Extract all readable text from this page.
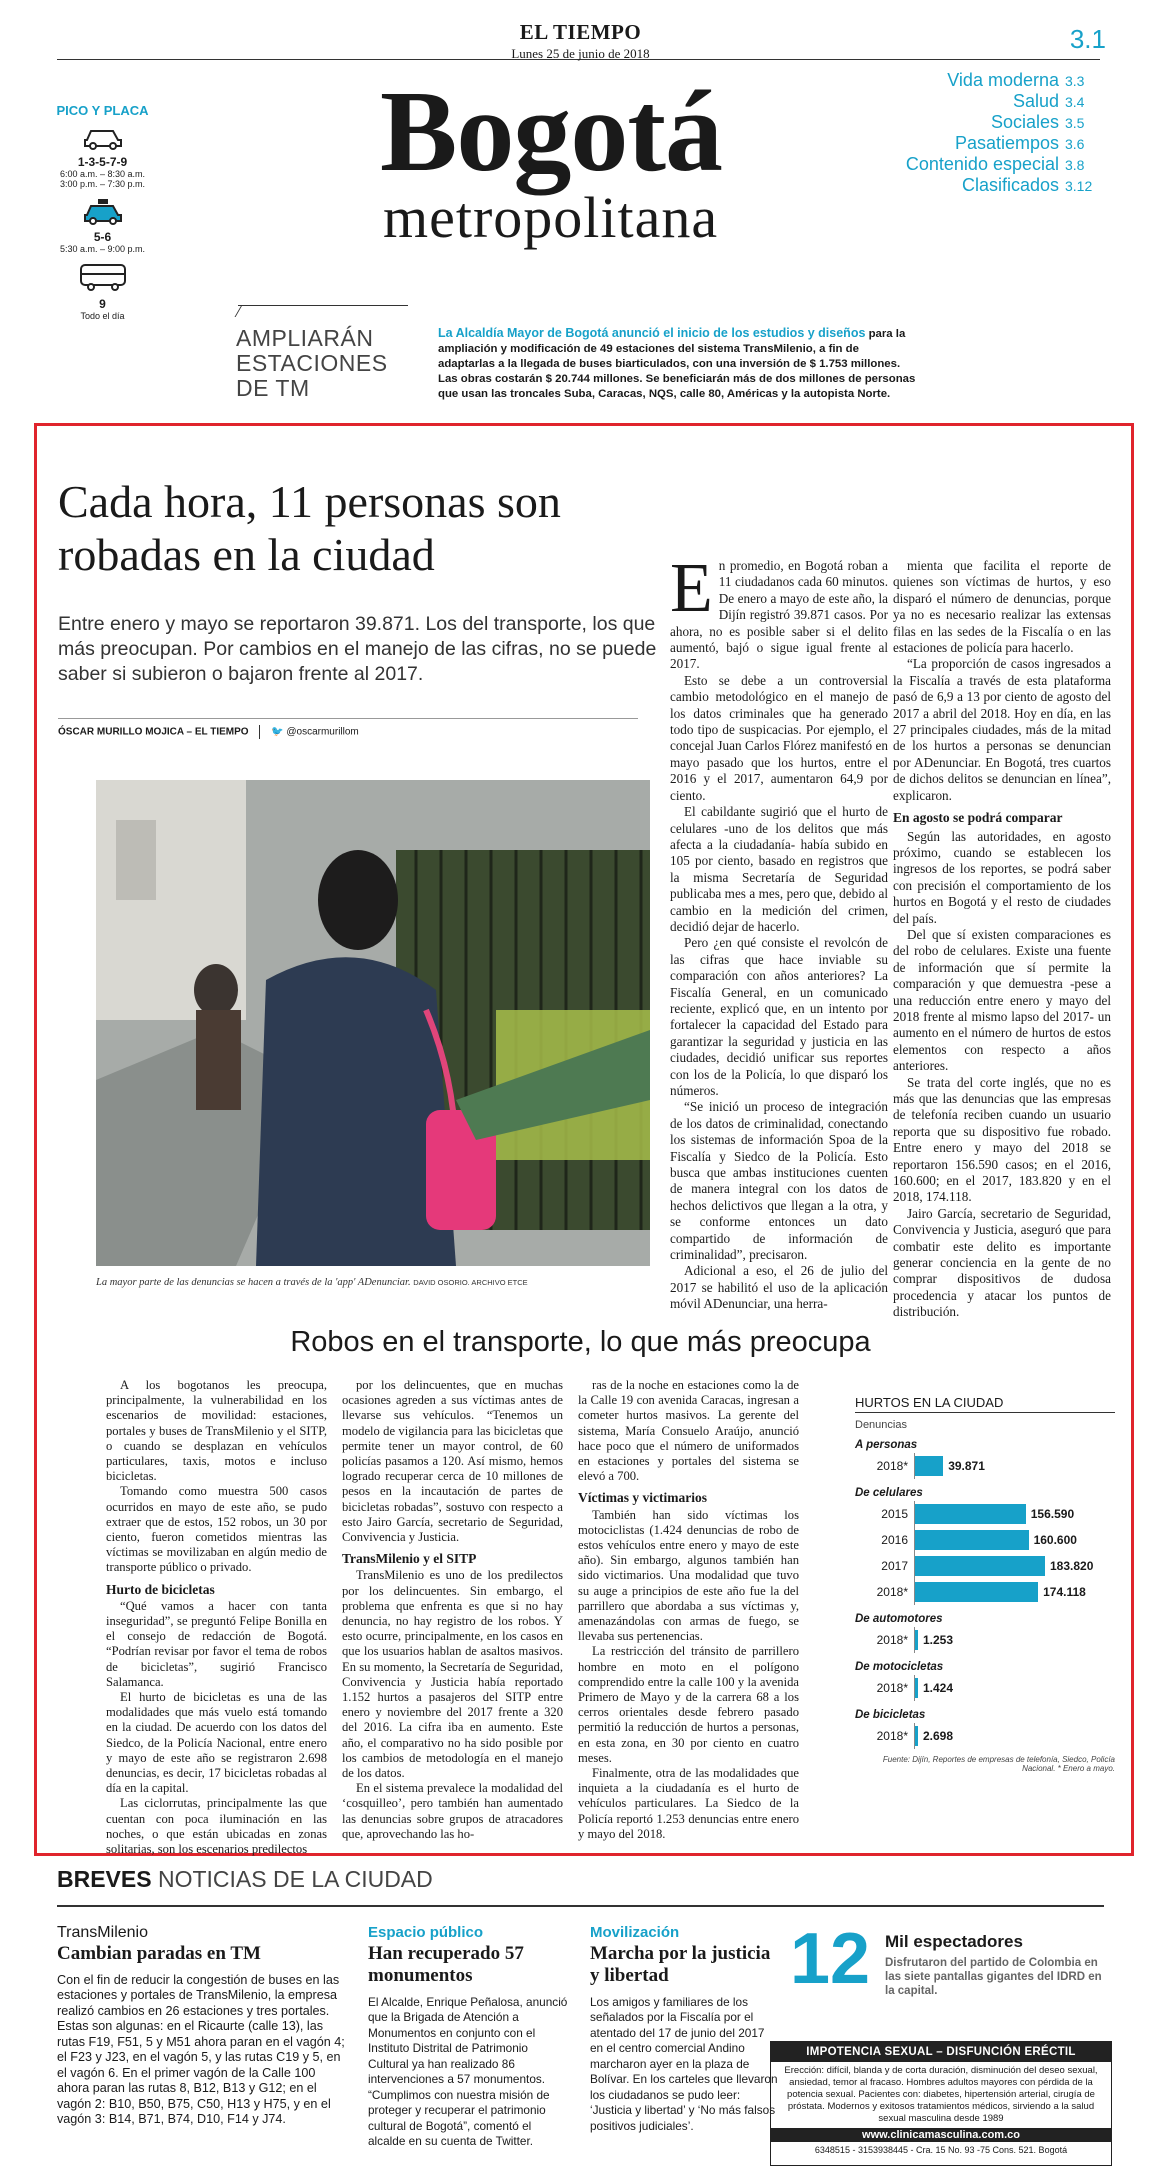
EL TIEMPO
Lunes 25 de junio de 2018	3.1
Bogotá
metropolitana
Vida moderna 3.3
Salud 3.4
Sociales 3.5
Pasatiempos 3.6
Contenido especial 3.8
Clasificados 3.12
PICO Y PLACA
1-3-5-7-9
6:00 a.m. – 8:30 a.m.
3:00 p.m. – 7:30 p.m.
5-6
5:30 a.m. – 9:00 p.m.
9
Todo el día
AMPLIARÁN ESTACIONES DE TM
La Alcaldía Mayor de Bogotá anunció el inicio de los estudios y diseños para la ampliación y modificación de 49 estaciones del sistema TransMilenio, a fin de adaptarlas a la llegada de buses biarticulados, con una inversión de $ 1.753 millones. Las obras costarán $ 20.744 millones. Se beneficiarán más de dos millones de personas que usan las troncales Suba, Caracas, NQS, calle 80, Américas y la autopista Norte.
Cada hora, 11 personas son robadas en la ciudad
Entre enero y mayo se reportaron 39.871. Los del transporte, los que más preocupan. Por cambios en el manejo de las cifras, no se puede saber si subieron o bajaron frente al 2017.
ÓSCAR MURILLO MOJICA – EL TIEMPO 🐦 @oscarmurillom
La mayor parte de las denuncias se hacen a través de la 'app' ADenunciar. DAVID OSORIO. ARCHIVO ETCE
E n promedio, en Bogotá roban a 11 ciudadanos cada 60 minutos. De enero a mayo de este año, la Dijín registró 39.871 casos. Por ahora, no es posible saber si el delito aumentó, bajó o sigue igual frente al 2017.

Esto se debe a un controversial cambio metodológico en el manejo de los datos criminales que ha generado todo tipo de suspicacias. Por ejemplo, el concejal Juan Carlos Flórez manifestó en mayo pasado que los hurtos, entre el 2016 y el 2017, aumentaron 64,9 por ciento.

El cabildante sugirió que el hurto de celulares -uno de los delitos que más afecta a la ciudadanía- había subido en 105 por ciento, basado en registros que la misma Secretaría de Seguridad publicaba mes a mes, pero que, debido al cambio en la medición del crimen, decidió dejar de hacerlo.

Pero ¿en qué consiste el revolcón de las cifras que hace inviable su comparación con años anteriores? La Fiscalía General, en un comunicado reciente, explicó que, en un intento por fortalecer la capacidad del Estado para garantizar la seguridad y justicia en las ciudades, decidió unificar sus reportes con los de la Policía, lo que disparó los números.

“Se inició un proceso de integración de los datos de criminalidad, conectando los sistemas de información Spoa de la Fiscalía y Siedco de la Policía. Esto busca que ambas instituciones cuenten de manera integral con los datos de hechos delictivos que llegan a la otra, y se conforme entonces un dato compartido de información de criminalidad”, precisaron.

Adicional a eso, el 26 de julio del 2017 se habilitó el uso de la aplicación móvil ADenunciar, una herra-

mienta que facilita el reporte de quienes son víctimas de hurtos, y eso disparó el número de denuncias, porque ya no es necesario realizar las extensas filas en las sedes de la Fiscalía o en las estaciones de policía para hacerlo.

“La proporción de casos ingresados a la Fiscalía a través de esta plataforma pasó de 6,9 a 13 por ciento de agosto del 2017 a abril del 2018. Hoy en día, en las 27 principales ciudades, más de la mitad de los hurtos a personas se denuncian por ADenunciar. En Bogotá, tres cuartos de dichos delitos se denuncian en línea”, explicaron.

En agosto se podrá comparar

Según las autoridades, en agosto próximo, cuando se establecen los ingresos de los reportes, se podrá saber con precisión el comportamiento de los hurtos en Bogotá y el resto de ciudades del país.

Del que sí existen comparaciones es del robo de celulares. Existe una fuente de información que sí permite la comparación y que demuestra -pese a una reducción entre enero y mayo del 2018 frente al mismo lapso del 2017- un aumento en el número de hurtos de estos elementos con respecto a años anteriores.

Se trata del corte inglés, que no es más que las denuncias que las empresas de telefonía reciben cuando un usuario reporta que su dispositivo fue robado. Entre enero y mayo del 2018 se reportaron 156.590 casos; en el 2016, 160.600; en el 2017, 183.820 y en el 2018, 174.118.

Jairo García, secretario de Seguridad, Convivencia y Justicia, aseguró que para combatir este delito es importante generar conciencia en la gente de no comprar dispositivos de dudosa procedencia y atacar los puntos de distribución.

Robos en el transporte, lo que más preocupa

A los bogotanos les preocupa, principalmente, la vulnerabilidad en los escenarios de movilidad: estaciones, portales y buses de TransMilenio y el SITP, o cuando se desplazan en vehículos particulares, taxis, motos e incluso bicicletas.

Tomando como muestra 500 casos ocurridos en mayo de este año, se pudo extraer que de estos, 152 robos, un 30 por ciento, fueron cometidos mientras las víctimas se movilizaban en algún medio de transporte público o privado.

Hurto de bicicletas

“Qué vamos a hacer con tanta inseguridad”, se preguntó Felipe Bonilla en el consejo de redacción de Bogotá. “Podrían revisar por favor el tema de robos de bicicletas”, sugirió Francisco Salamanca.

El hurto de bicicletas es una de las modalidades que más vuelo está tomando en la ciudad. De acuerdo con los datos del Siedco, de la Policía Nacional, entre enero y mayo de este año se registraron 2.698 denuncias, es decir, 17 bicicletas robadas al día en la capital.

Las ciclorrutas, principalmente las que cuentan con poca iluminación en las noches, o que están ubicadas en zonas solitarias, son los escenarios predilectos

por los delincuentes, que en muchas ocasiones agreden a sus víctimas antes de llevarse sus vehículos. “Tenemos un modelo de vigilancia para las bicicletas que permite tener un mayor control, de 60 policías pasamos a 120. Así mismo, hemos logrado recuperar cerca de 10 millones de pesos en la incautación de partes de bicicletas robadas”, sostuvo con respecto a esto Jairo García, secretario de Seguridad, Convivencia y Justicia.

TransMilenio y el SITP

TransMilenio es uno de los predilectos por los delincuentes. Sin embargo, el problema que enfrenta es que si no hay denuncia, no hay registro de los robos. Y esto ocurre, principalmente, en los casos en que los usuarios hablan de asaltos masivos. En su momento, la Secretaría de Seguridad, Convivencia y Justicia había reportado 1.152 hurtos a pasajeros del SITP entre enero y noviembre del 2017 frente a 320 del 2016. La cifra iba en aumento. Este año, el comparativo no ha sido posible por los cambios de metodología en el manejo de los datos.

En el sistema prevalece la modalidad del ‘cosquilleo’, pero también han aumentado las denuncias sobre grupos de atracadores que, aprovechando las ho-

ras de la noche en estaciones como la de la Calle 19 con avenida Caracas, ingresan a cometer hurtos masivos. La gerente del sistema, María Consuelo Araújo, anunció hace poco que el número de uniformados en estaciones y portales del sistema se elevó a 700.

Víctimas y victimarios

También han sido víctimas los motociclistas (1.424 denuncias de robo de estos vehículos entre enero y mayo de este año). Sin embargo, algunos también han sido victimarios. Una modalidad que tuvo su auge a principios de este año fue la del parrillero que abordaba a sus víctimas y, amenazándolas con armas de fuego, se llevaba sus pertenencias.

La restricción del tránsito de parrillero hombre en moto en el polígono comprendido entre la calle 100 y la avenida Primero de Mayo y de la carrera 68 a los cerros orientales desde febrero pasado permitió la reducción de hurtos a personas, en esta zona, en 30 por ciento en cuatro meses.

Finalmente, otra de las modalidades que inquieta a la ciudadanía es el hurto de vehículos particulares. La Siedco de la Policía reportó 1.253 denuncias entre enero y mayo del 2018.

HURTOS EN LA CIUDAD
Denuncias
A personas
2018*	39.871
De celulares
2015	156.590
2016	160.600
2017	183.820
2018*	174.118
De automotores
2018*	1.253
De motocicletas
2018*	1.424
De bicicletas
2018*	2.698
Fuente: Dijín, Reportes de empresas de telefonía, Siedco, Policía Nacional. * Enero a mayo.
BREVES NOTICIAS DE LA CIUDAD
TransMilenio
Cambian paradas en TM
Con el fin de reducir la congestión de buses en las estaciones y portales de TransMilenio, la empresa realizó cambios en 26 estaciones y tres portales. Estas son algunas: en el Ricaurte (calle 13), las rutas F19, F51, 5 y M51 ahora paran en el vagón 4; el F23 y J23, en el vagón 5, y las rutas C19 y 5, en el vagón 6. En el primer vagón de la Calle 100 ahora paran las rutas 8, B12, B13 y G12; en el vagón 2: B10, B50, B75, C50, H13 y H75, y en el vagón 3: B14, B71, B74, D10, F14 y J74.
Espacio público
Han recuperado 57 monumentos
El Alcalde, Enrique Peñalosa, anunció que la Brigada de Atención a Monumentos en conjunto con el Instituto Distrital de Patrimonio Cultural ya han realizado 86 intervenciones a 57 monumentos. “Cumplimos con nuestra misión de proteger y recuperar el patrimonio cultural de Bogotá”, comentó el alcalde en su cuenta de Twitter.
Movilización
Marcha por la justicia y libertad
Los amigos y familiares de los señalados por la Fiscalía por el atentado del 17 de junio del 2017 en el centro comercial Andino marcharon ayer en la plaza de Bolívar. En los carteles que llevaron los ciudadanos se pudo leer: ‘Justicia y libertad’ y ‘No más falsos positivos judiciales’.
12 Mil espectadores
Disfrutaron del partido de Colombia en las siete pantallas gigantes del IDRD en la capital.
IMPOTENCIA SEXUAL – DISFUNCIÓN ERÉCTIL
Erección: difícil, blanda y de corta duración, disminución del deseo sexual, ansiedad, temor al fracaso. Hombres adultos mayores con pérdida de la potencia sexual. Pacientes con: diabetes, hipertensión arterial, cirugía de próstata. Modernos y exitosos tratamientos médicos, sirviendo a la salud sexual masculina desde 1989
www.clinicamasculina.com.co
6348515 - 3153938445 - Cra. 15 No. 93 -75 Cons. 521. Bogotá
